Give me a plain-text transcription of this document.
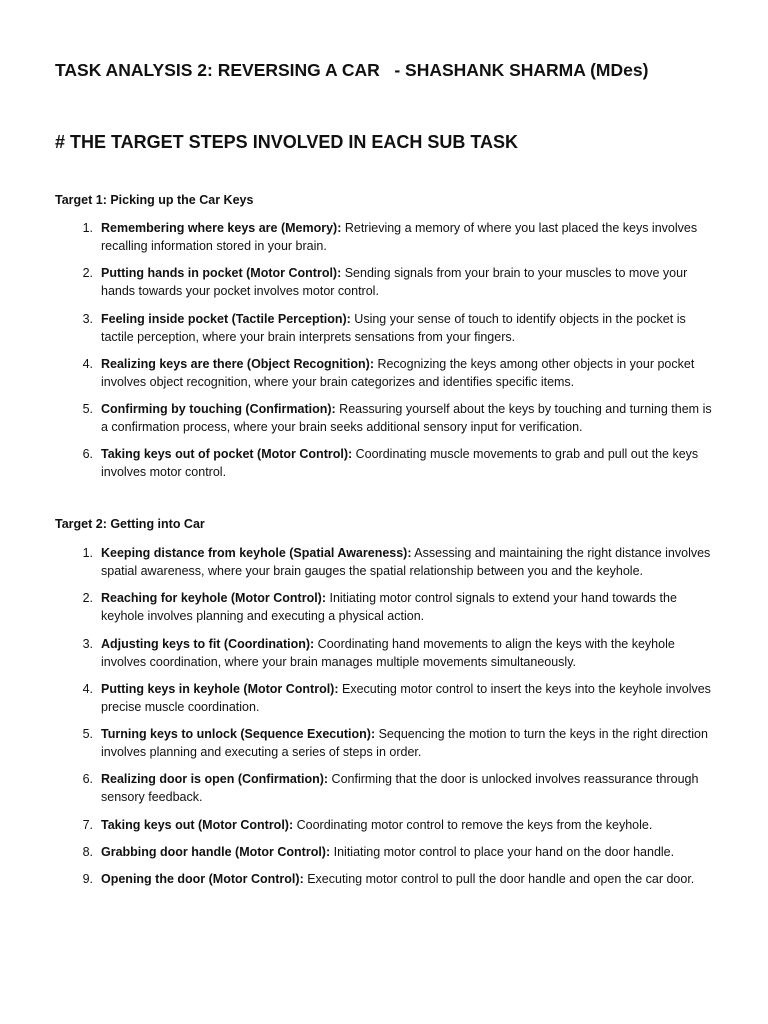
TASK ANALYSIS 2: REVERSING A CAR   - SHASHANK SHARMA (MDes)
# THE TARGET STEPS INVOLVED IN EACH SUB TASK
Target 1: Picking up the Car Keys
1. Remembering where keys are (Memory): Retrieving a memory of where you last placed the keys involves recalling information stored in your brain.
2. Putting hands in pocket (Motor Control): Sending signals from your brain to your muscles to move your hands towards your pocket involves motor control.
3. Feeling inside pocket (Tactile Perception): Using your sense of touch to identify objects in the pocket is tactile perception, where your brain interprets sensations from your fingers.
4. Realizing keys are there (Object Recognition): Recognizing the keys among other objects in your pocket involves object recognition, where your brain categorizes and identifies specific items.
5. Confirming by touching (Confirmation): Reassuring yourself about the keys by touching and turning them is a confirmation process, where your brain seeks additional sensory input for verification.
6. Taking keys out of pocket (Motor Control): Coordinating muscle movements to grab and pull out the keys involves motor control.
Target 2: Getting into Car
1. Keeping distance from keyhole (Spatial Awareness): Assessing and maintaining the right distance involves spatial awareness, where your brain gauges the spatial relationship between you and the keyhole.
2. Reaching for keyhole (Motor Control): Initiating motor control signals to extend your hand towards the keyhole involves planning and executing a physical action.
3. Adjusting keys to fit (Coordination): Coordinating hand movements to align the keys with the keyhole involves coordination, where your brain manages multiple movements simultaneously.
4. Putting keys in keyhole (Motor Control): Executing motor control to insert the keys into the keyhole involves precise muscle coordination.
5. Turning keys to unlock (Sequence Execution): Sequencing the motion to turn the keys in the right direction involves planning and executing a series of steps in order.
6. Realizing door is open (Confirmation): Confirming that the door is unlocked involves reassurance through sensory feedback.
7. Taking keys out (Motor Control): Coordinating motor control to remove the keys from the keyhole.
8. Grabbing door handle (Motor Control): Initiating motor control to place your hand on the door handle.
9. Opening the door (Motor Control): Executing motor control to pull the door handle and open the car door.
